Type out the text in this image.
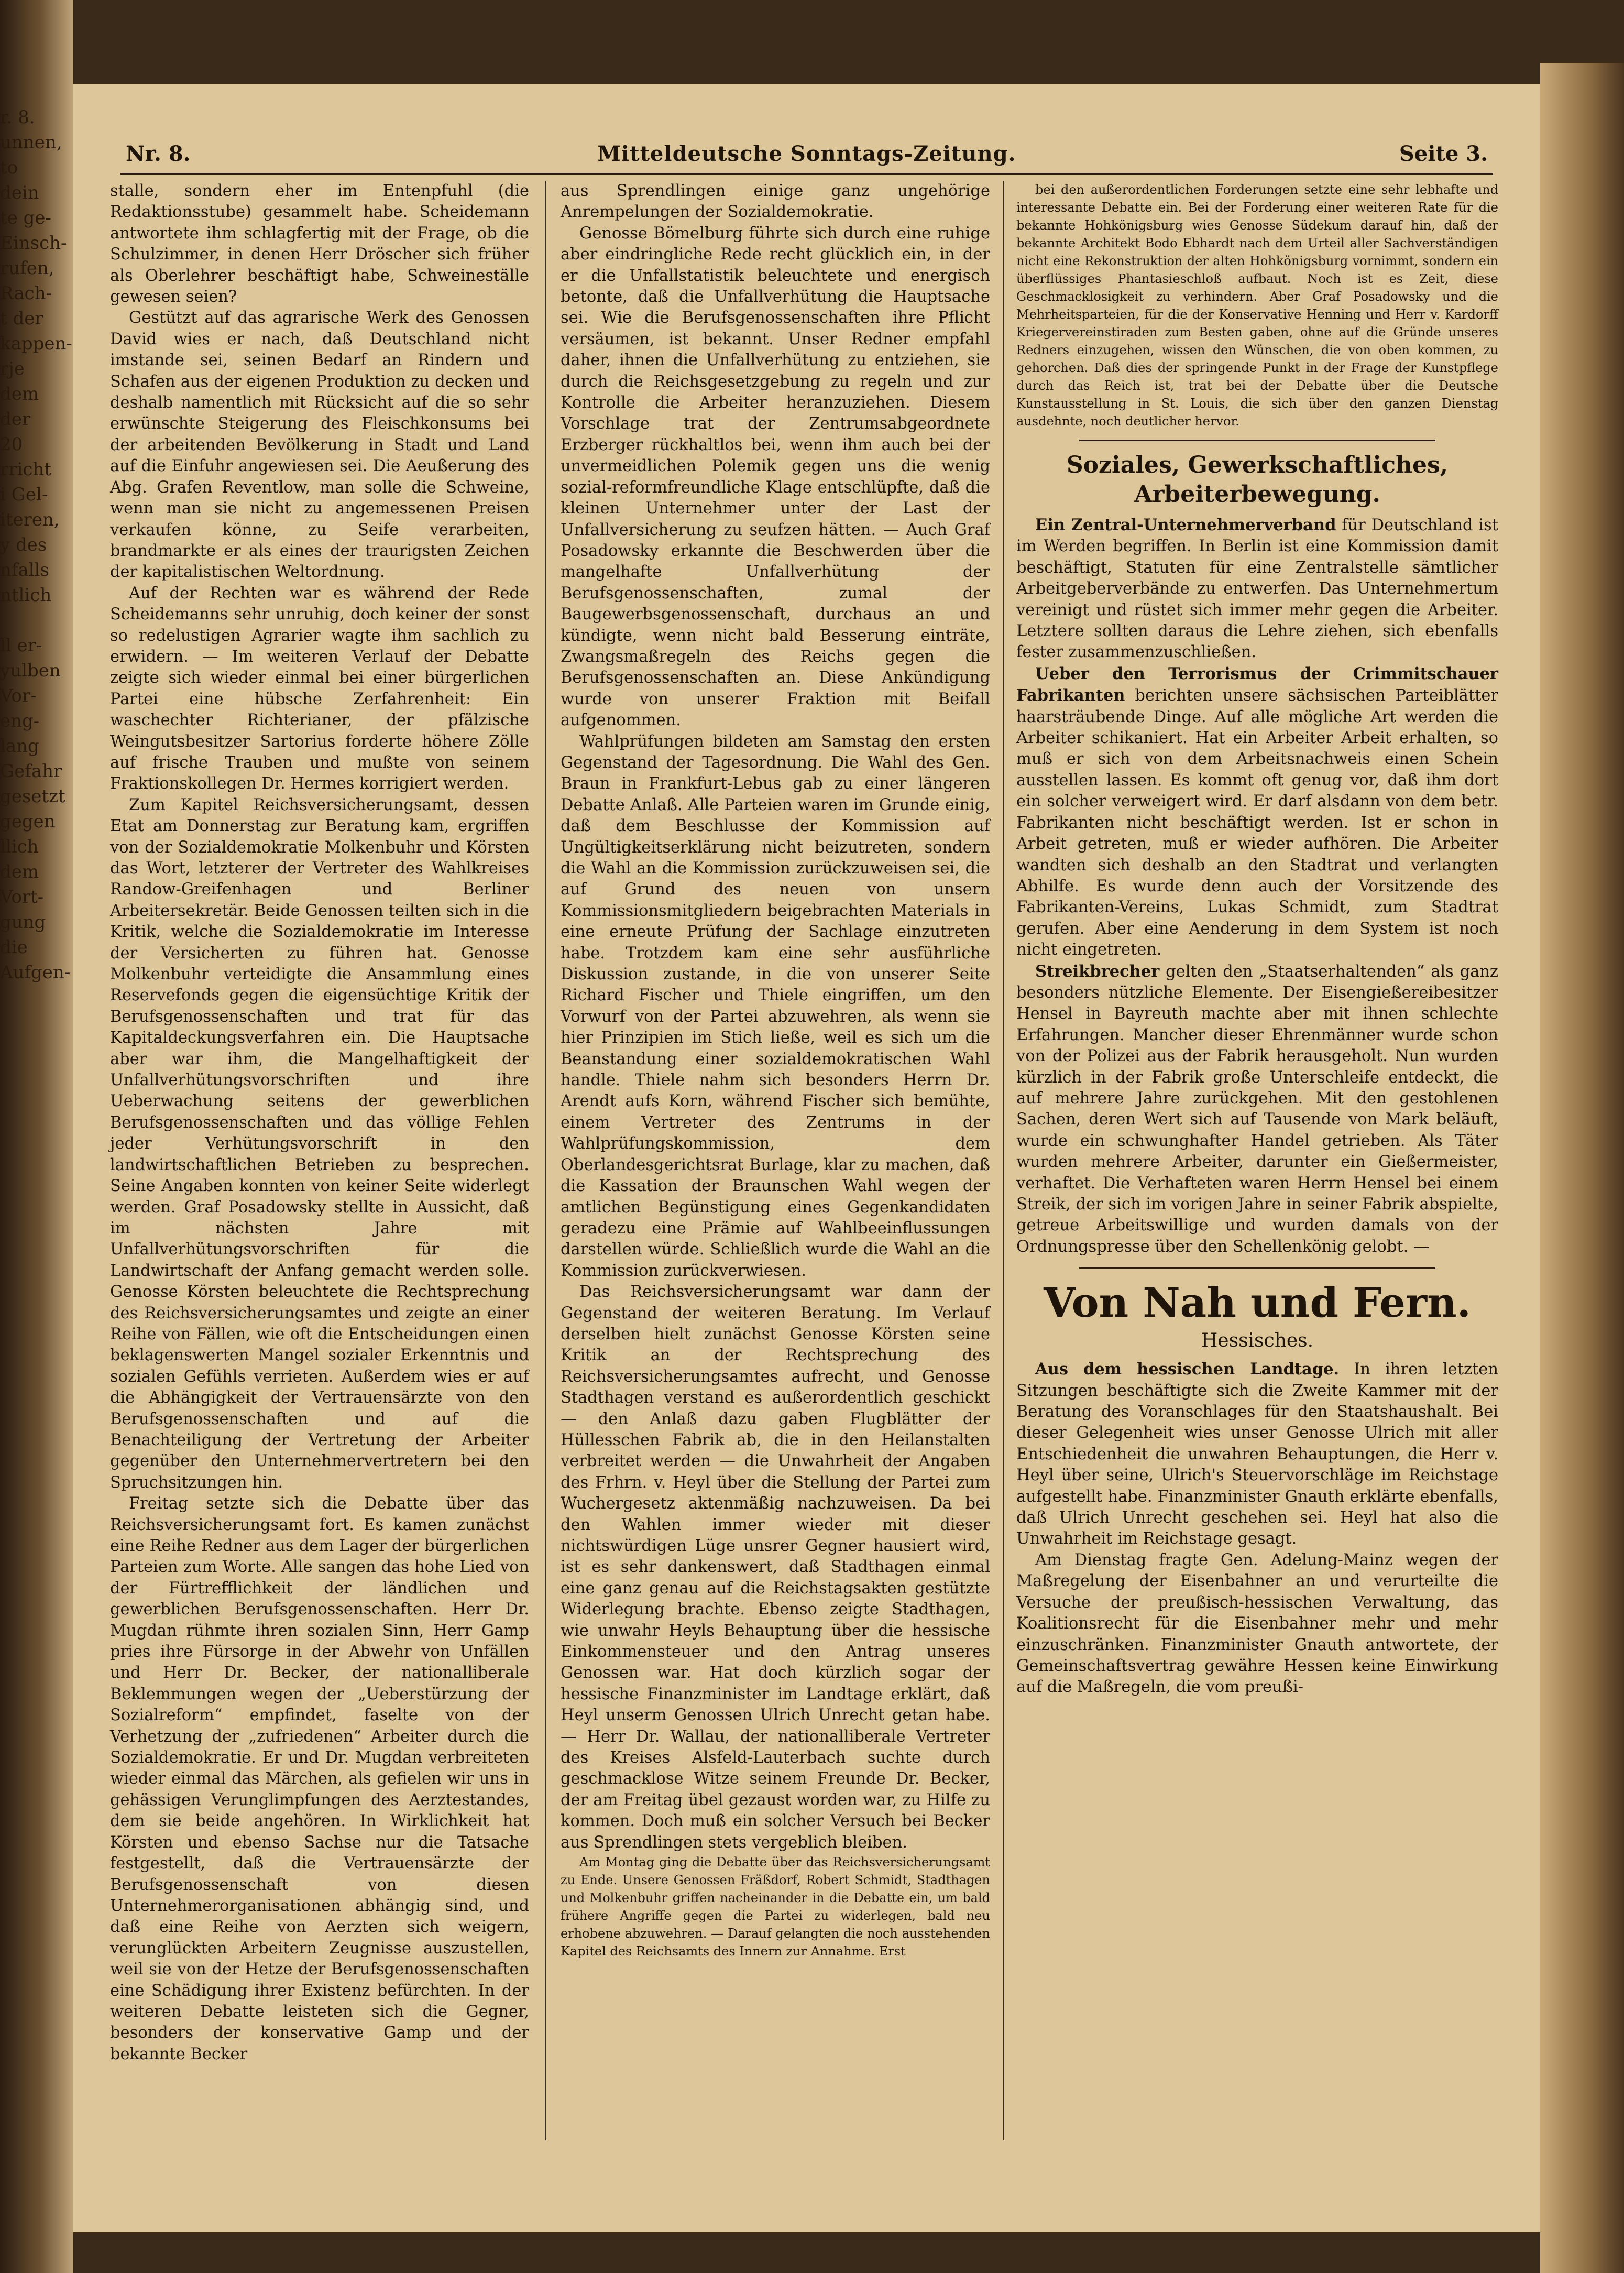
r. 8.
unnen,
to dein
te ge-
Einsch-
rufen,
Rach-
t der
kappen-
rje dem
der 20
rricht
i Gel-
iteren,
y des
nfalls
ntlich

ll er-
yulben
Vor-
eng-
lang
Gefahr
gesetzt
gegen
llich
dem
Vort-
gung
die
Aufgen-
Nr. 8.	Mitteldeutsche Sonntags-Zeitung.	Seite 3.

stalle, sondern eher im Entenpfuhl (die Redaktionsstube) gesammelt habe. Scheidemann antwortete ihm schlagfertig mit der Frage, ob die Schulzimmer, in denen Herr Dröscher sich früher als Oberlehrer beschäftigt habe, Schweineställe gewesen seien?

Gestützt auf das agrarische Werk des Genossen David wies er nach, daß Deutschland nicht imstande sei, seinen Bedarf an Rindern und Schafen aus der eigenen Produktion zu decken und deshalb namentlich mit Rücksicht auf die so sehr erwünschte Steigerung des Fleischkonsums bei der arbeitenden Bevölkerung in Stadt und Land auf die Einfuhr angewiesen sei. Die Aeußerung des Abg. Grafen Reventlow, man solle die Schweine, wenn man sie nicht zu angemessenen Preisen verkaufen könne, zu Seife verarbeiten, brandmarkte er als eines der traurigsten Zeichen der kapitalistischen Weltordnung.

Auf der Rechten war es während der Rede Scheidemanns sehr unruhig, doch keiner der sonst so redelustigen Agrarier wagte ihm sachlich zu erwidern. — Im weiteren Verlauf der Debatte zeigte sich wieder einmal bei einer bürgerlichen Partei eine hübsche Zerfahrenheit: Ein waschechter Richterianer, der pfälzische Weingutsbesitzer Sartorius forderte höhere Zölle auf frische Trauben und mußte von seinem Fraktionskollegen Dr. Hermes korrigiert werden.

Zum Kapitel Reichsversicherungsamt, dessen Etat am Donnerstag zur Beratung kam, ergriffen von der Sozialdemokratie Molkenbuhr und Körsten das Wort, letzterer der Vertreter des Wahlkreises Randow-Greifenhagen und Berliner Arbeitersekretär. Beide Genossen teilten sich in die Kritik, welche die Sozialdemokratie im Interesse der Versicherten zu führen hat. Genosse Molkenbuhr verteidigte die Ansammlung eines Reservefonds gegen die eigensüchtige Kritik der Berufsgenossenschaften und trat für das Kapitaldeckungsverfahren ein. Die Hauptsache aber war ihm, die Mangelhaftigkeit der Unfallverhütungsvorschriften und ihre Ueberwachung seitens der gewerblichen Berufsgenossenschaften und das völlige Fehlen jeder Verhütungsvorschrift in den landwirtschaftlichen Betrieben zu besprechen. Seine Angaben konnten von keiner Seite widerlegt werden. Graf Posadowsky stellte in Aussicht, daß im nächsten Jahre mit Unfallverhütungsvorschriften für die Landwirtschaft der Anfang gemacht werden solle. Genosse Körsten beleuchtete die Rechtsprechung des Reichsversicherungsamtes und zeigte an einer Reihe von Fällen, wie oft die Entscheidungen einen beklagenswerten Mangel sozialer Erkenntnis und sozialen Gefühls verrieten. Außerdem wies er auf die Abhängigkeit der Vertrauensärzte von den Berufsgenossenschaften und auf die Benachteiligung der Vertretung der Arbeiter gegenüber den Unternehmervertretern bei den Spruchsitzungen hin.

Freitag setzte sich die Debatte über das Reichsversicherungsamt fort. Es kamen zunächst eine Reihe Redner aus dem Lager der bürgerlichen Parteien zum Worte. Alle sangen das hohe Lied von der Fürtrefflichkeit der ländlichen und gewerblichen Berufsgenossenschaften. Herr Dr. Mugdan rühmte ihren sozialen Sinn, Herr Gamp pries ihre Fürsorge in der Abwehr von Unfällen und Herr Dr. Becker, der nationalliberale Beklemmungen wegen der „Ueberstürzung der Sozialreform“ empfindet, faselte von der Verhetzung der „zufriedenen“ Arbeiter durch die Sozialdemokratie. Er und Dr. Mugdan verbreiteten wieder einmal das Märchen, als gefielen wir uns in gehässigen Verunglimpfungen des Aerztestandes, dem sie beide angehören. In Wirklichkeit hat Körsten und ebenso Sachse nur die Tatsache festgestellt, daß die Vertrauensärzte der Berufsgenossenschaft von diesen Unternehmerorganisationen abhängig sind, und daß eine Reihe von Aerzten sich weigern, verunglückten Arbeitern Zeugnisse auszustellen, weil sie von der Hetze der Berufsgenossenschaften eine Schädigung ihrer Existenz befürchten. In der weiteren Debatte leisteten sich die Gegner, besonders der konservative Gamp und der bekannte Becker

aus Sprendlingen einige ganz ungehörige Anrempelungen der Sozialdemokratie.

Genosse Bömelburg führte sich durch eine ruhige aber eindringliche Rede recht glücklich ein, in der er die Unfallstatistik beleuchtete und energisch betonte, daß die Unfallverhütung die Hauptsache sei. Wie die Berufsgenossenschaften ihre Pflicht versäumen, ist bekannt. Unser Redner empfahl daher, ihnen die Unfallverhütung zu entziehen, sie durch die Reichsgesetzgebung zu regeln und zur Kontrolle die Arbeiter heranzuziehen. Diesem Vorschlage trat der Zentrumsabgeordnete Erzberger rückhaltlos bei, wenn ihm auch bei der unvermeidlichen Polemik gegen uns die wenig sozial-reformfreundliche Klage entschlüpfte, daß die kleinen Unternehmer unter der Last der Unfallversicherung zu seufzen hätten. — Auch Graf Posadowsky erkannte die Beschwerden über die mangelhafte Unfallverhütung der Berufsgenossenschaften, zumal der Baugewerbsgenossenschaft, durchaus an und kündigte, wenn nicht bald Besserung einträte, Zwangsmaßregeln des Reichs gegen die Berufsgenossenschaften an. Diese Ankündigung wurde von unserer Fraktion mit Beifall aufgenommen.

Wahlprüfungen bildeten am Samstag den ersten Gegenstand der Tagesordnung. Die Wahl des Gen. Braun in Frankfurt-Lebus gab zu einer längeren Debatte Anlaß. Alle Parteien waren im Grunde einig, daß dem Beschlusse der Kommission auf Ungültigkeitserklärung nicht beizutreten, sondern die Wahl an die Kommission zurückzuweisen sei, die auf Grund des neuen von unsern Kommissionsmitgliedern beigebrachten Materials in eine erneute Prüfung der Sachlage einzutreten habe. Trotzdem kam eine sehr ausführliche Diskussion zustande, in die von unserer Seite Richard Fischer und Thiele eingriffen, um den Vorwurf von der Partei abzuwehren, als wenn sie hier Prinzipien im Stich ließe, weil es sich um die Beanstandung einer sozialdemokratischen Wahl handle. Thiele nahm sich besonders Herrn Dr. Arendt aufs Korn, während Fischer sich bemühte, einem Vertreter des Zentrums in der Wahlprüfungskommission, dem Oberlandesgerichtsrat Burlage, klar zu machen, daß die Kassation der Braunschen Wahl wegen der amtlichen Begünstigung eines Gegenkandidaten geradezu eine Prämie auf Wahlbeeinflussungen darstellen würde. Schließlich wurde die Wahl an die Kommission zurückverwiesen.

Das Reichsversicherungsamt war dann der Gegenstand der weiteren Beratung. Im Verlauf derselben hielt zunächst Genosse Körsten seine Kritik an der Rechtsprechung des Reichsversicherungsamtes aufrecht, und Genosse Stadthagen verstand es außerordentlich geschickt — den Anlaß dazu gaben Flugblätter der Hüllesschen Fabrik ab, die in den Heilanstalten verbreitet werden — die Unwahrheit der Angaben des Frhrn. v. Heyl über die Stellung der Partei zum Wuchergesetz aktenmäßig nachzuweisen. Da bei den Wahlen immer wieder mit dieser nichtswürdigen Lüge unsrer Gegner hausiert wird, ist es sehr dankenswert, daß Stadthagen einmal eine ganz genau auf die Reichstagsakten gestützte Widerlegung brachte. Ebenso zeigte Stadthagen, wie unwahr Heyls Behauptung über die hessische Einkommensteuer und den Antrag unseres Genossen war. Hat doch kürzlich sogar der hessische Finanzminister im Landtage erklärt, daß Heyl unserm Genossen Ulrich Unrecht getan habe. — Herr Dr. Wallau, der nationalliberale Vertreter des Kreises Alsfeld-Lauterbach suchte durch geschmacklose Witze seinem Freunde Dr. Becker, der am Freitag übel gezaust worden war, zu Hilfe zu kommen. Doch muß ein solcher Versuch bei Becker aus Sprendlingen stets vergeblich bleiben.

Am Montag ging die Debatte über das Reichsversicherungsamt zu Ende. Unsere Genossen Fräßdorf, Robert Schmidt, Stadthagen und Molkenbuhr griffen nacheinander in die Debatte ein, um bald frühere Angriffe gegen die Partei zu widerlegen, bald neu erhobene abzuwehren. — Darauf gelangten die noch ausstehenden Kapitel des Reichsamts des Innern zur Annahme. Erst

bei den außerordentlichen Forderungen setzte eine sehr lebhafte und interessante Debatte ein. Bei der Forderung einer weiteren Rate für die bekannte Hohkönigsburg wies Genosse Südekum darauf hin, daß der bekannte Architekt Bodo Ebhardt nach dem Urteil aller Sachverständigen nicht eine Rekonstruktion der alten Hohkönigsburg vornimmt, sondern ein überflüssiges Phantasieschloß aufbaut. Noch ist es Zeit, diese Geschmacklosigkeit zu verhindern. Aber Graf Posadowsky und die Mehrheitsparteien, für die der Konservative Henning und Herr v. Kardorff Kriegervereinstiraden zum Besten gaben, ohne auf die Gründe unseres Redners einzugehen, wissen den Wünschen, die von oben kommen, zu gehorchen. Daß dies der springende Punkt in der Frage der Kunstpflege durch das Reich ist, trat bei der Debatte über die Deutsche Kunstausstellung in St. Louis, die sich über den ganzen Dienstag ausdehnte, noch deutlicher hervor.

Soziales, Gewerkschaftliches, Arbeiterbewegung.

Ein Zentral-Unternehmerverband für Deutschland ist im Werden begriffen. In Berlin ist eine Kommission damit beschäftigt, Statuten für eine Zentralstelle sämtlicher Arbeitgeberverbände zu entwerfen. Das Unternehmertum vereinigt und rüstet sich immer mehr gegen die Arbeiter. Letztere sollten daraus die Lehre ziehen, sich ebenfalls fester zusammenzuschließen.

Ueber den Terrorismus der Crimmitschauer Fabrikanten berichten unsere sächsischen Parteiblätter haarsträubende Dinge. Auf alle mögliche Art werden die Arbeiter schikaniert. Hat ein Arbeiter Arbeit erhalten, so muß er sich von dem Arbeitsnachweis einen Schein ausstellen lassen. Es kommt oft genug vor, daß ihm dort ein solcher verweigert wird. Er darf alsdann von dem betr. Fabrikanten nicht beschäftigt werden. Ist er schon in Arbeit getreten, muß er wieder aufhören. Die Arbeiter wandten sich deshalb an den Stadtrat und verlangten Abhilfe. Es wurde denn auch der Vorsitzende des Fabrikanten-Vereins, Lukas Schmidt, zum Stadtrat gerufen. Aber eine Aenderung in dem System ist noch nicht eingetreten.

Streikbrecher gelten den „Staatserhaltenden“ als ganz besonders nützliche Elemente. Der Eisengießereibesitzer Hensel in Bayreuth machte aber mit ihnen schlechte Erfahrungen. Mancher dieser Ehrenmänner wurde schon von der Polizei aus der Fabrik herausgeholt. Nun wurden kürzlich in der Fabrik große Unterschleife entdeckt, die auf mehrere Jahre zurückgehen. Mit den gestohlenen Sachen, deren Wert sich auf Tausende von Mark beläuft, wurde ein schwunghafter Handel getrieben. Als Täter wurden mehrere Arbeiter, darunter ein Gießermeister, verhaftet. Die Verhafteten waren Herrn Hensel bei einem Streik, der sich im vorigen Jahre in seiner Fabrik abspielte, getreue Arbeitswillige und wurden damals von der Ordnungspresse über den Schellenkönig gelobt. —

Von Nah und Fern.
Hessisches.

Aus dem hessischen Landtage. In ihren letzten Sitzungen beschäftigte sich die Zweite Kammer mit der Beratung des Voranschlages für den Staatshaushalt. Bei dieser Gelegenheit wies unser Genosse Ulrich mit aller Entschiedenheit die unwahren Behauptungen, die Herr v. Heyl über seine, Ulrich's Steuervorschläge im Reichstage aufgestellt habe. Finanzminister Gnauth erklärte ebenfalls, daß Ulrich Unrecht geschehen sei. Heyl hat also die Unwahrheit im Reichstage gesagt.

Am Dienstag fragte Gen. Adelung-Mainz wegen der Maßregelung der Eisenbahner an und verurteilte die Versuche der preußisch-hessischen Verwaltung, das Koalitionsrecht für die Eisenbahner mehr und mehr einzuschränken. Finanzminister Gnauth antwortete, der Gemeinschaftsvertrag gewähre Hessen keine Einwirkung auf die Maßregeln, die vom preußi-
